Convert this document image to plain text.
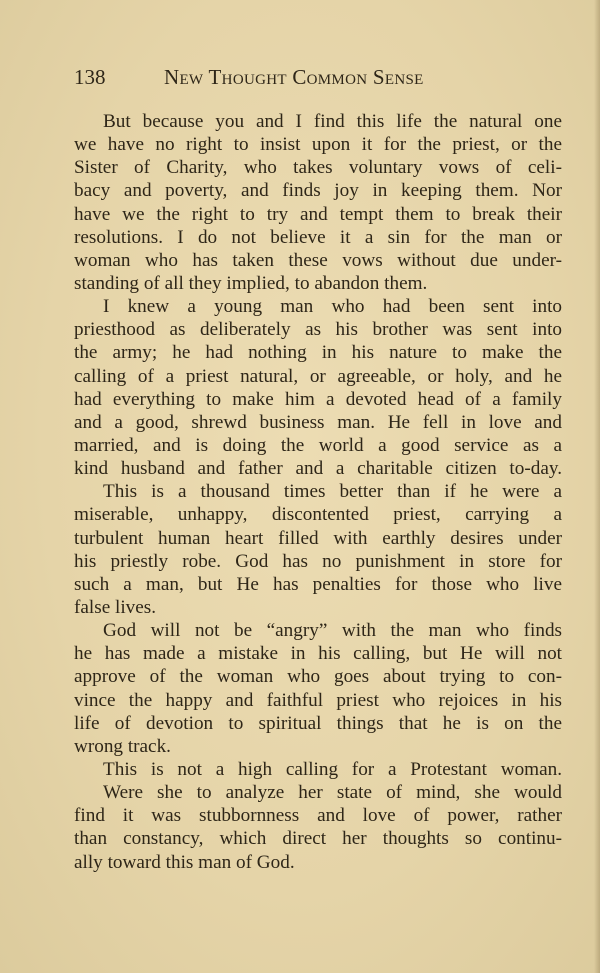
138	New Thought Common Sense
But because you and I find this life the natural one
we have no right to insist upon it for the priest, or the
Sister of Charity, who takes voluntary vows of celi-
bacy and poverty, and finds joy in keeping them. Nor
have we the right to try and tempt them to break their
resolutions. I do not believe it a sin for the man or
woman who has taken these vows without due under-
standing of all they implied, to abandon them.
I knew a young man who had been sent into
priesthood as deliberately as his brother was sent into
the army; he had nothing in his nature to make the
calling of a priest natural, or agreeable, or holy, and he
had everything to make him a devoted head of a family
and a good, shrewd business man. He fell in love and
married, and is doing the world a good service as a
kind husband and father and a charitable citizen to-day.
This is a thousand times better than if he were a
miserable, unhappy, discontented priest, carrying a
turbulent human heart filled with earthly desires under
his priestly robe. God has no punishment in store for
such a man, but He has penalties for those who live
false lives.
God will not be “angry” with the man who finds
he has made a mistake in his calling, but He will not
approve of the woman who goes about trying to con-
vince the happy and faithful priest who rejoices in his
life of devotion to spiritual things that he is on the
wrong track.
This is not a high calling for a Protestant woman.
Were she to analyze her state of mind, she would
find it was stubbornness and love of power, rather
than constancy, which direct her thoughts so continu-
ally toward this man of God.
